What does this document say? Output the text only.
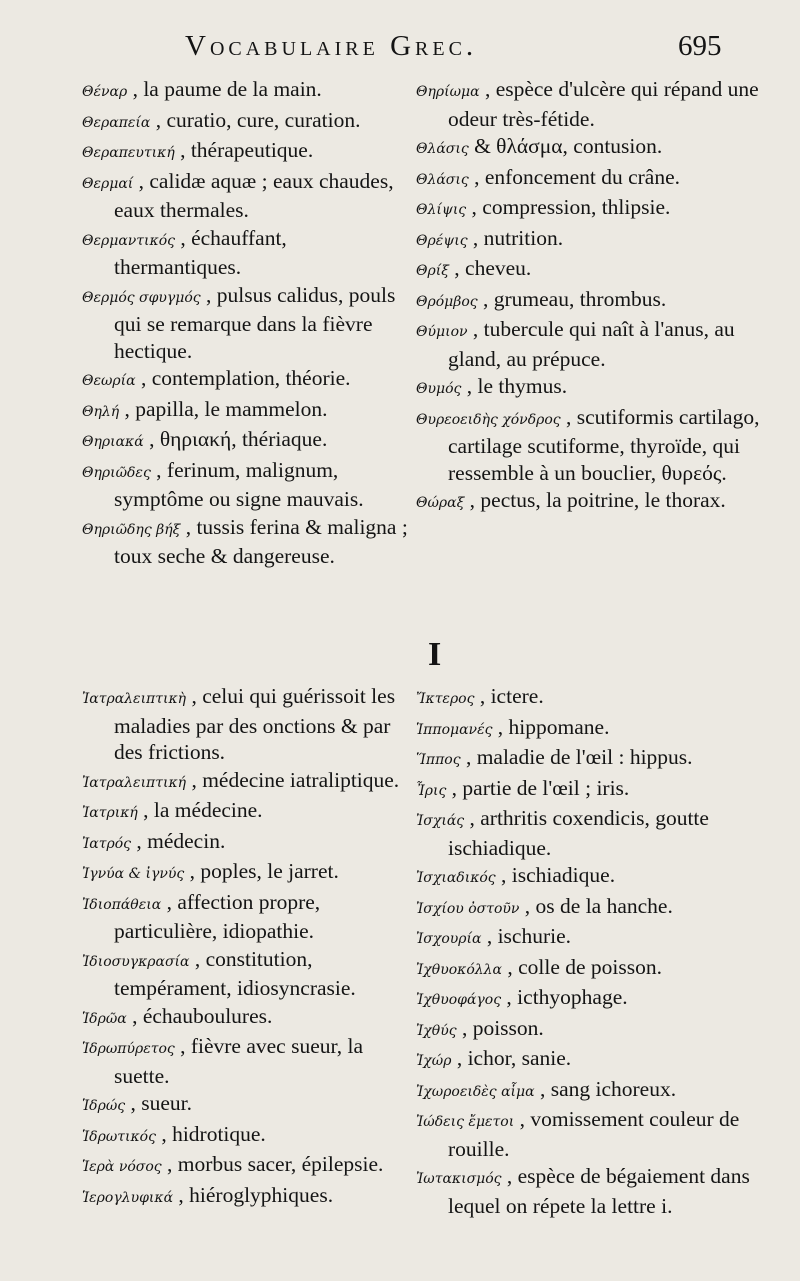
Vocabulaire Grec.	695

Θέναρ , la paume de la main.

Θεραπεία , curatio, cure, curation.

Θεραπευτική , thérapeutique.

Θερμαί , calidæ aquæ ; eaux chaudes, eaux thermales.

Θερμαντικός , échauffant, thermantiques.

Θερμός σφυγμός , pulsus calidus, pouls qui se remarque dans la fièvre hectique.

Θεωρία , contemplation, théorie.

Θηλή , papilla, le mammelon.

Θηριακά , θηριακή, thériaque.

Θηριῶδες , ferinum, malignum, symptôme ou signe mauvais.

Θηριῶδης βήξ , tussis ferina & maligna ; toux seche & dangereuse.

Θηρίωμα , espèce d'ulcère qui répand une odeur très-fétide.

Θλάσις & θλάσμα, contusion.

Θλάσις , enfoncement du crâne.

Θλίψις , compression, thlipsie.

Θρέψις , nutrition.

Θρίξ , cheveu.

Θρόμβος , grumeau, thrombus.

Θύμιον , tubercule qui naît à l'anus, au gland, au prépuce.

Θυμός , le thymus.

Θυρεοειδὴς χόνδρος , scutiformis cartilago, cartilage scutiforme, thyroïde, qui ressemble à un bouclier, θυρεός.

Θώραξ , pectus, la poitrine, le thorax.

I

Ἰατραλειπτικὴ , celui qui guérissoit les maladies par des onctions & par des frictions.

Ἰατραλειπτική , médecine iatraliptique.

Ἰατρική , la médecine.

Ἰατρός , médecin.

Ἰγνύα & ἰγνύς , poples, le jarret.

Ἰδιοπάθεια , affection propre, particulière, idiopathie.

Ἰδιοσυγκρασία , constitution, tempérament, idiosyncrasie.

Ἱδρῶα , échauboulures.

Ἱδρωπύρετος , fièvre avec sueur, la suette.

Ἱδρώς , sueur.

Ἱδρωτικός , hidrotique.

Ἱερὰ νόσος , morbus sacer, épilepsie.

Ἱερογλυφικά , hiéroglyphiques.

Ἴκτερος , ictere.

Ἱππομανές , hippomane.

Ἵππος , maladie de l'œil : hippus.

Ἶρις , partie de l'œil ; iris.

Ἰσχιάς , arthritis coxendicis, goutte ischiadique.

Ἰσχιαδικός , ischiadique.

Ἰσχίου ὀστοῦν , os de la hanche.

Ἰσχουρία , ischurie.

Ἰχθυοκόλλα , colle de poisson.

Ἰχθυοφάγος , icthyophage.

Ἰχθύς , poisson.

Ἰχώρ , ichor, sanie.

Ἰχωροειδὲς αἷμα , sang ichoreux.

Ἰώδεις ἔμετοι , vomissement couleur de rouille.

Ἰωτακισμός , espèce de bégaiement dans lequel on répete la lettre i.
